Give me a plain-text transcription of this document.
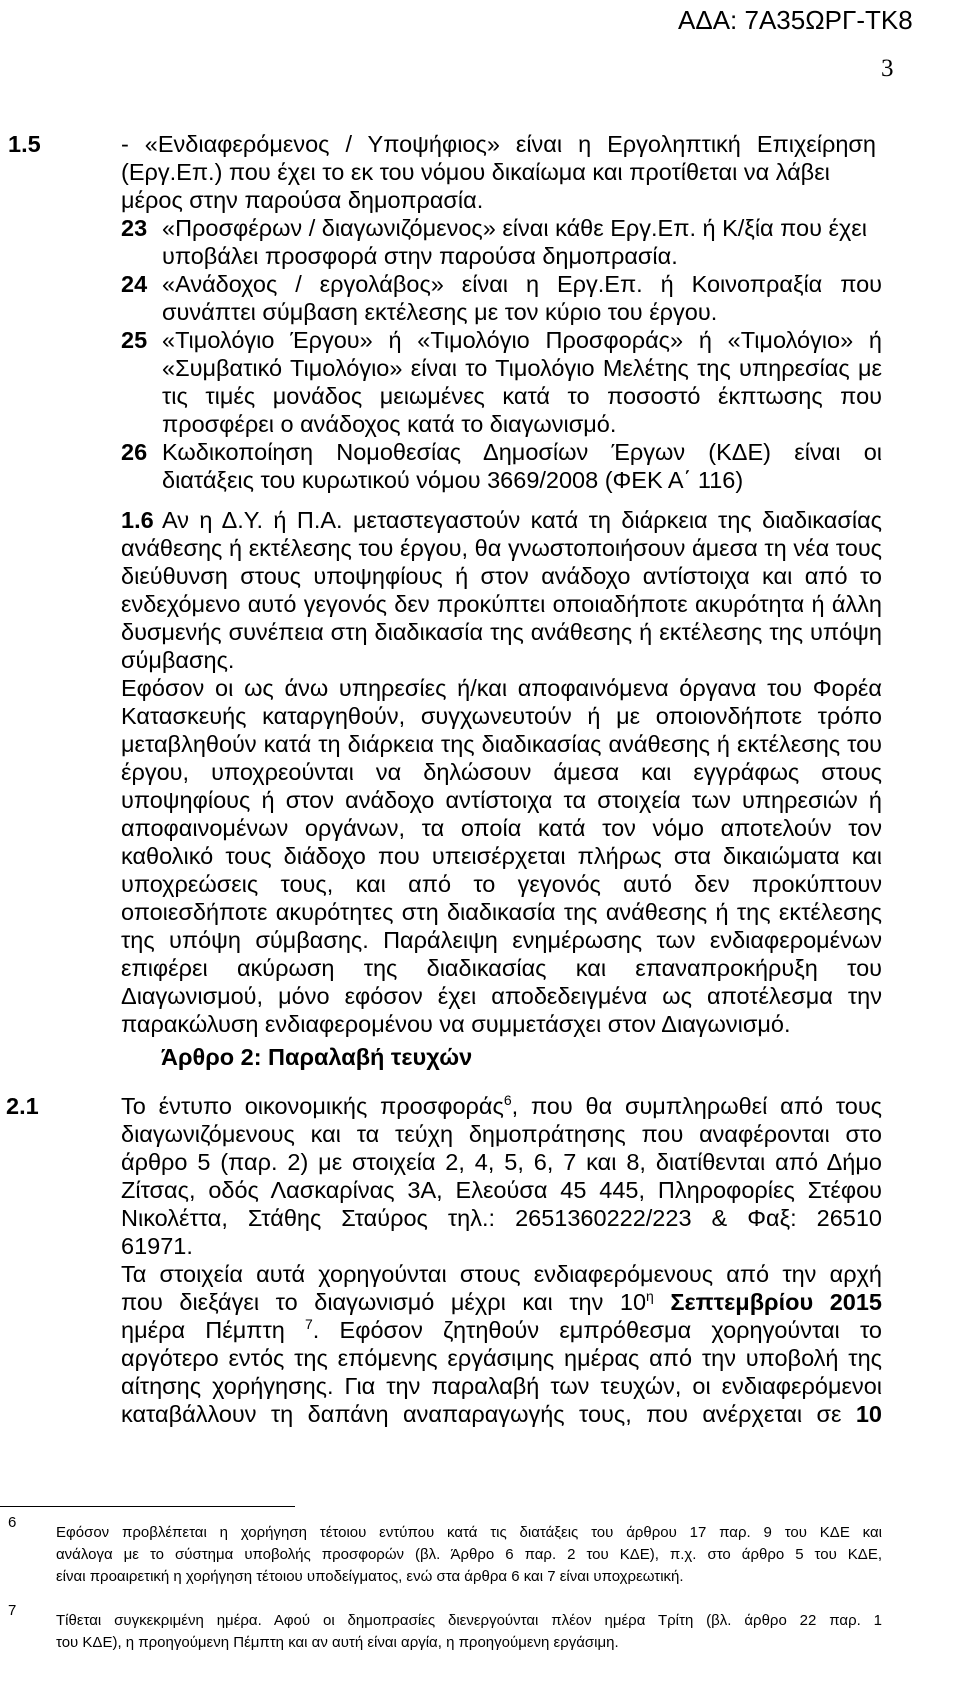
ΑΔΑ: 7Α35ΩΡΓ-ΤΚ8
3
1.5	- «Ενδιαφερόμενος / Υποψήφιος» είναι η Εργοληπτική Επιχείρηση
(Εργ.Επ.) που έχει το εκ του νόμου δικαίωμα και προτίθεται να λάβει
μέρος στην παρούσα δημοπρασία.
23 «Προσφέρων / διαγωνιζόμενος» είναι κάθε Εργ.Επ. ή Κ/ξία που έχει
υποβάλει προσφορά στην παρούσα δημοπρασία.
24 «Ανάδοχος / εργολάβος» είναι η Εργ.Επ. ή Κοινοπραξία που
συνάπτει σύμβαση εκτέλεσης με τον κύριο του έργου.
25 «Τιμολόγιο Έργου» ή «Τιμολόγιο Προσφοράς» ή «Τιμολόγιο» ή
«Συμβατικό Τιμολόγιο» είναι το Τιμολόγιο Μελέτης της υπηρεσίας με
τις τιμές μονάδος μειωμένες κατά το ποσοστό έκπτωσης που
προσφέρει ο ανάδοχος κατά το διαγωνισμό.
26 Κωδικοποίηση Νομοθεσίας Δημοσίων Έργων (ΚΔΕ) είναι οι
διατάξεις του κυρωτικού νόμου 3669/2008 (ΦΕΚ Α΄ 116)
1.6 Αν η Δ.Υ. ή Π.Α. μεταστεγαστούν κατά τη διάρκεια της διαδικασίας
ανάθεσης ή εκτέλεσης του έργου, θα γνωστοποιήσουν άμεσα τη νέα τους
διεύθυνση στους υποψηφίους ή στον ανάδοχο αντίστοιχα και από το
ενδεχόμενο αυτό γεγονός δεν προκύπτει οποιαδήποτε ακυρότητα ή άλλη
δυσμενής συνέπεια στη διαδικασία της ανάθεσης ή εκτέλεσης της υπόψη
σύμβασης.
Εφόσον οι ως άνω υπηρεσίες ή/και αποφαινόμενα όργανα του Φορέα
Κατασκευής καταργηθούν, συγχωνευτούν ή με οποιονδήποτε τρόπο
μεταβληθούν κατά τη διάρκεια της διαδικασίας ανάθεσης ή εκτέλεσης του
έργου, υποχρεούνται να δηλώσουν άμεσα και εγγράφως στους
υποψηφίους ή στον ανάδοχο αντίστοιχα τα στοιχεία των υπηρεσιών ή
αποφαινομένων οργάνων, τα οποία κατά τον νόμο αποτελούν τον
καθολικό τους διάδοχο που υπεισέρχεται πλήρως στα δικαιώματα και
υποχρεώσεις τους, και από το γεγονός αυτό δεν προκύπτουν
οποιεσδήποτε ακυρότητες στη διαδικασία της ανάθεσης ή της εκτέλεσης
της υπόψη σύμβασης. Παράλειψη ενημέρωσης των ενδιαφερομένων
επιφέρει ακύρωση της διαδικασίας και επαναπροκήρυξη του
Διαγωνισμού, μόνο εφόσον έχει αποδεδειγμένα ως αποτέλεσμα την
παρακώλυση ενδιαφερομένου να συμμετάσχει στον Διαγωνισμό.
Άρθρο 2: Παραλαβή τευχών
2.1	Το έντυπο οικονομικής προσφοράς$^6$, που θα συμπληρωθεί από τους
διαγωνιζόμενους και τα τεύχη δημοπράτησης που αναφέρονται στο
άρθρο 5 (παρ. 2) με στοιχεία 2, 4, 5, 6, 7 και 8, διατίθενται από Δήμο
Ζίτσας, οδός Λασκαρίνας 3Α, Ελεούσα 45 445, Πληροφορίες Στέφου
Νικολέττα, Στάθης Σταύρος τηλ.: 2651360222/223 & Φαξ: 26510
61971.
Τα στοιχεία αυτά χορηγούνται στους ενδιαφερόμενους από την αρχή
που διεξάγει το διαγωνισμό μέχρι και την $10^\eta$ Σεπτεμβρίου 2015
ημέρα Πέμπτη $^7$. Εφόσον ζητηθούν εμπρόθεσμα χορηγούνται το
αργότερο εντός της επόμενης εργάσιμης ημέρας από την υποβολή της
αίτησης χορήγησης. Για την παραλαβή των τευχών, οι ενδιαφερόμενοι
καταβάλλουν τη δαπάνη αναπαραγωγής τους, που ανέρχεται σε 10
6
Εφόσον προβλέπεται η χορήγηση τέτοιου εντύπου κατά τις διατάξεις του άρθρου 17 παρ. 9 του ΚΔΕ και
ανάλογα με το σύστημα υποβολής προσφορών (βλ. Άρθρο 6 παρ. 2 του ΚΔΕ), π.χ. στο άρθρο 5 του ΚΔΕ,
είναι προαιρετική η χορήγηση τέτοιου υποδείγματος, ενώ στα άρθρα 6 και 7 είναι υποχρεωτική.
7
Τίθεται συγκεκριμένη ημέρα. Αφού οι δημοπρασίες διενεργούνται πλέον ημέρα Τρίτη (βλ. άρθρο 22 παρ. 1
του ΚΔΕ), η προηγούμενη Πέμπτη και αν αυτή είναι αργία, η προηγούμενη εργάσιμη.
